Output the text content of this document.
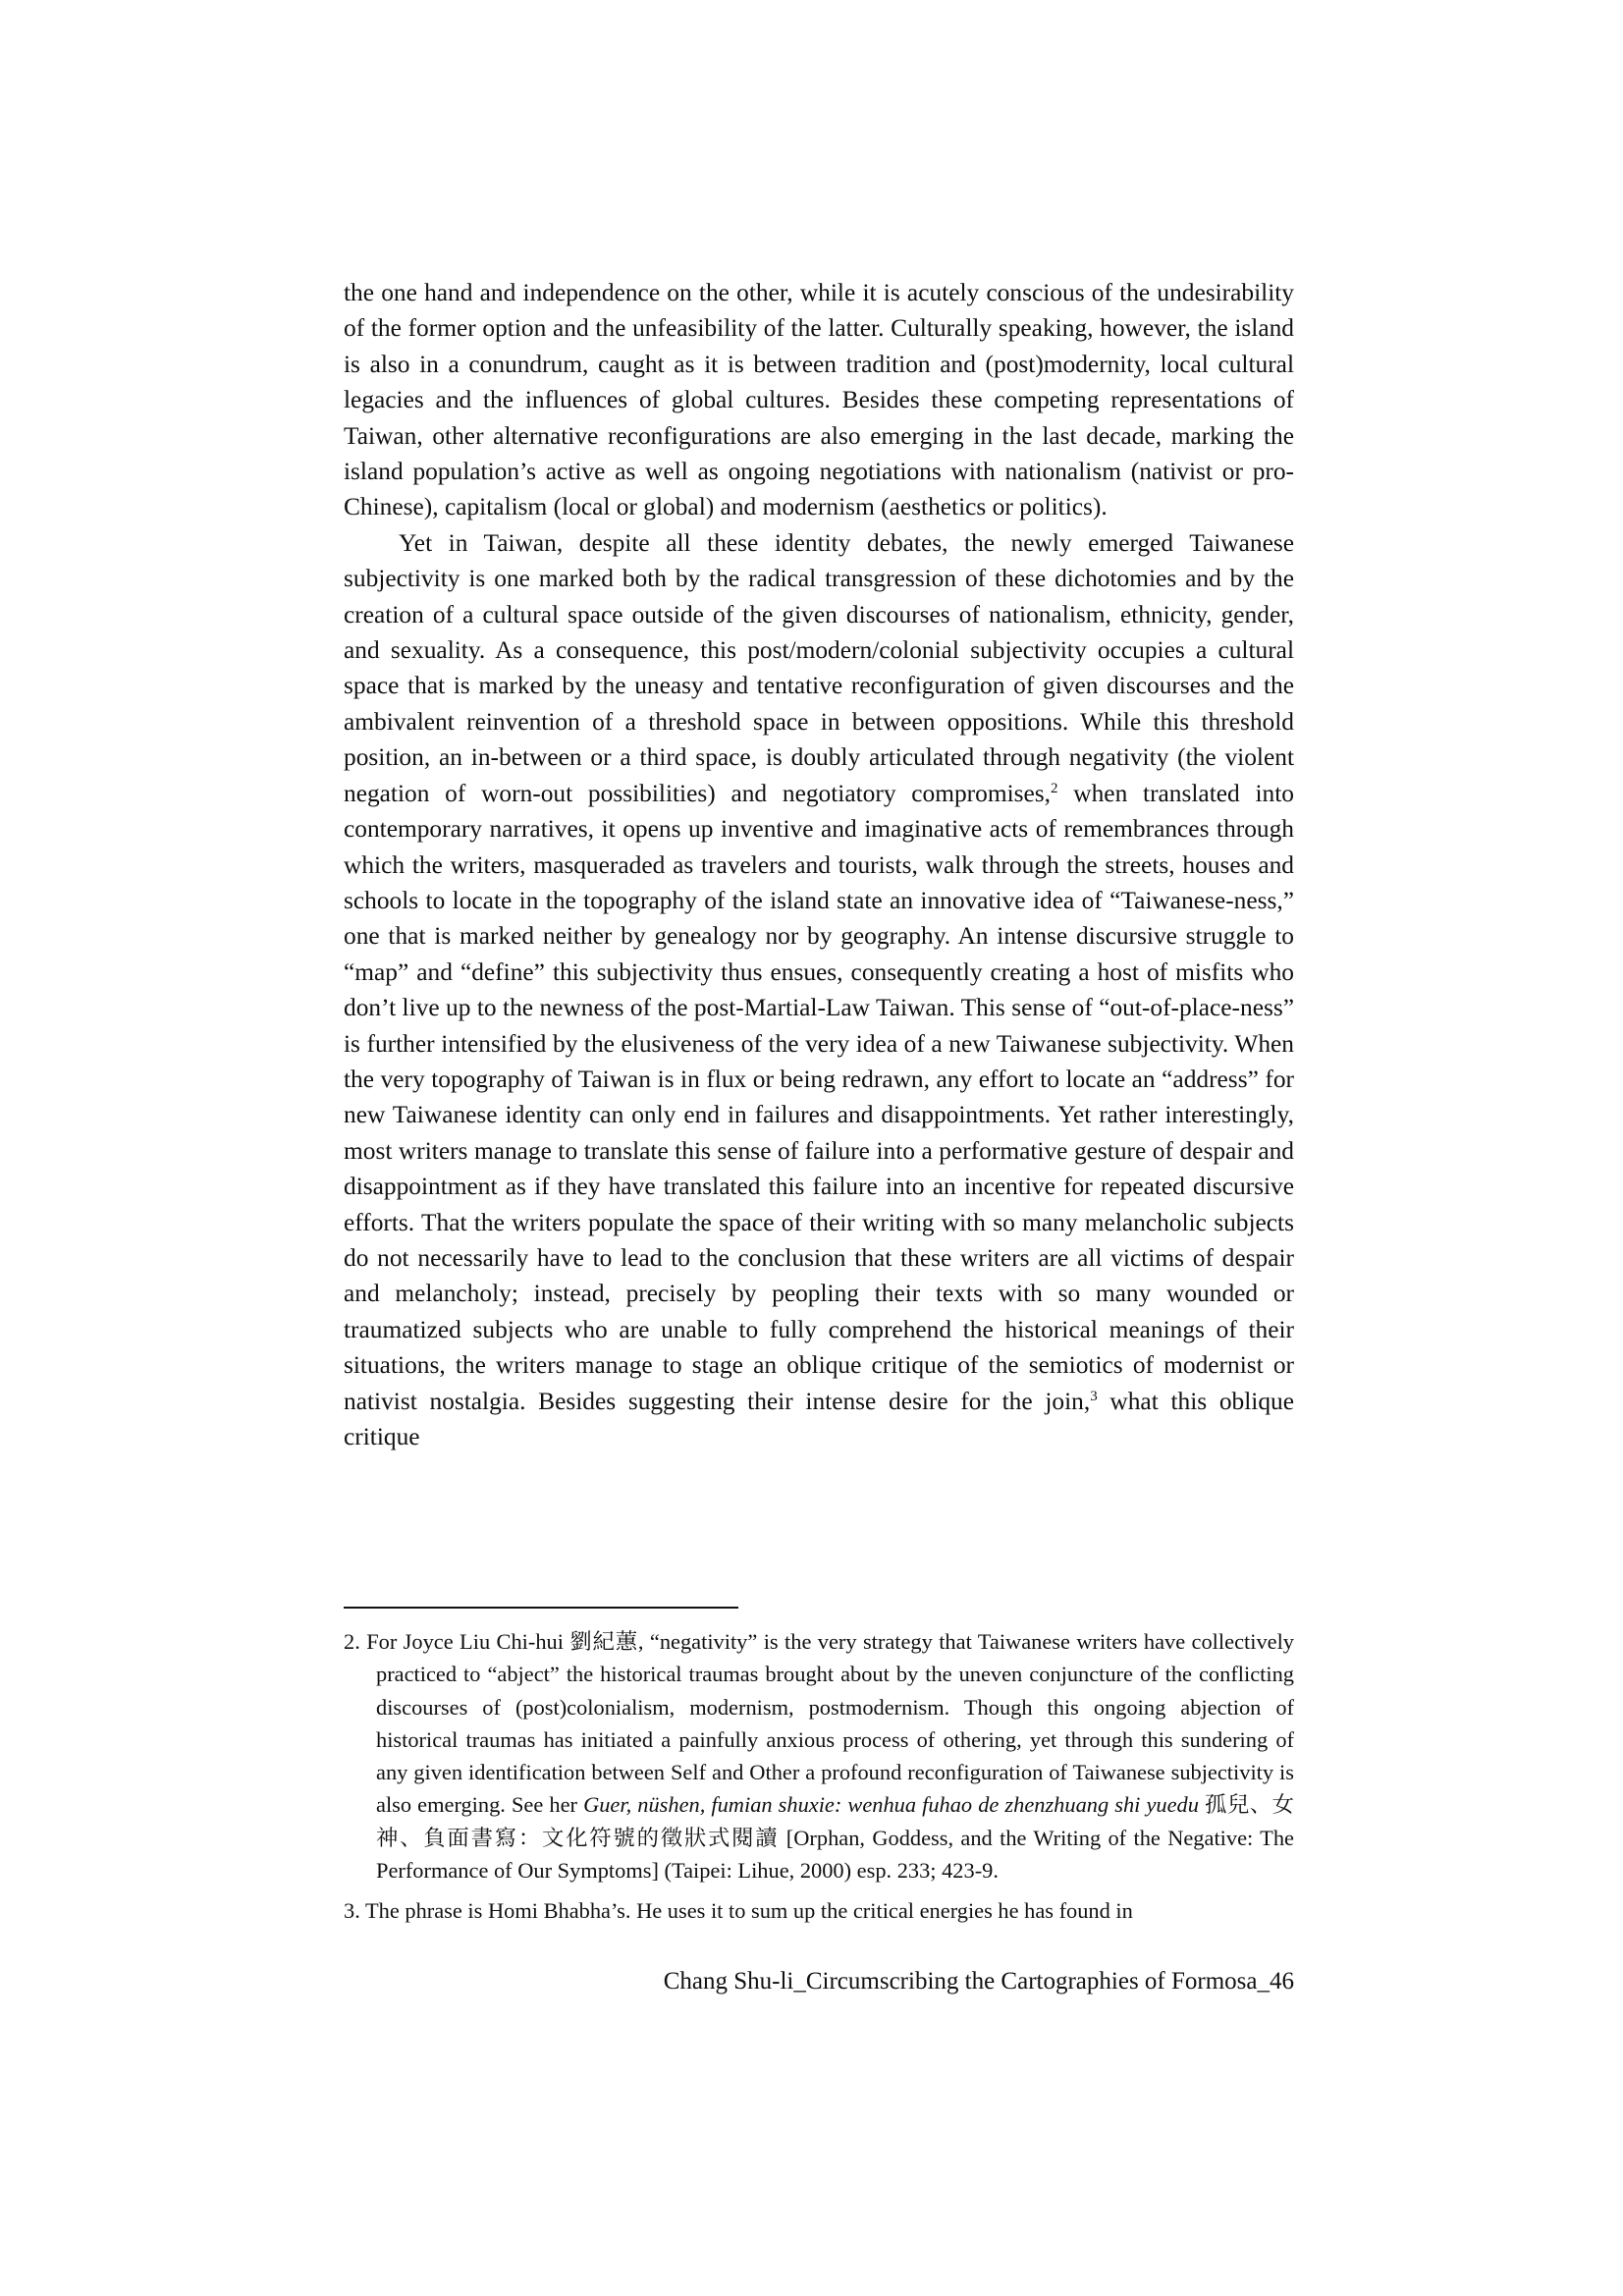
the one hand and independence on the other, while it is acutely conscious of the undesirability of the former option and the unfeasibility of the latter. Culturally speaking, however, the island is also in a conundrum, caught as it is between tradition and (post)modernity, local cultural legacies and the influences of global cultures. Besides these competing representations of Taiwan, other alternative reconfigurations are also emerging in the last decade, marking the island population’s active as well as ongoing negotiations with nationalism (nativist or pro-Chinese), capitalism (local or global) and modernism (aesthetics or politics).

Yet in Taiwan, despite all these identity debates, the newly emerged Taiwanese subjectivity is one marked both by the radical transgression of these dichotomies and by the creation of a cultural space outside of the given discourses of nationalism, ethnicity, gender, and sexuality. As a consequence, this post/modern/colonial subjectivity occupies a cultural space that is marked by the uneasy and tentative reconfiguration of given discourses and the ambivalent reinvention of a threshold space in between oppositions. While this threshold position, an in-between or a third space, is doubly articulated through negativity (the violent negation of worn-out possibilities) and negotiatory compromises,$^2$ when translated into contemporary narratives, it opens up inventive and imaginative acts of remembrances through which the writers, masqueraded as travelers and tourists, walk through the streets, houses and schools to locate in the topography of the island state an innovative idea of “Taiwanese-ness,” one that is marked neither by genealogy nor by geography. An intense discursive struggle to “map” and “define” this subjectivity thus ensues, consequently creating a host of misfits who don’t live up to the newness of the post-Martial-Law Taiwan. This sense of “out-of-place-ness” is further intensified by the elusiveness of the very idea of a new Taiwanese subjectivity. When the very topography of Taiwan is in flux or being redrawn, any effort to locate an “address” for new Taiwanese identity can only end in failures and disappointments. Yet rather interestingly, most writers manage to translate this sense of failure into a performative gesture of despair and disappointment as if they have translated this failure into an incentive for repeated discursive efforts. That the writers populate the space of their writing with so many melancholic subjects do not necessarily have to lead to the conclusion that these writers are all victims of despair and melancholy; instead, precisely by peopling their texts with so many wounded or traumatized subjects who are unable to fully comprehend the historical meanings of their situations, the writers manage to stage an oblique critique of the semiotics of modernist or nativist nostalgia. Besides suggesting their intense desire for the join,$^3$ what this oblique critique

2. For Joyce Liu Chi-hui 劉紀蕙, “negativity” is the very strategy that Taiwanese writers have collectively practiced to “abject” the historical traumas brought about by the uneven conjuncture of the conflicting discourses of (post)colonialism, modernism, postmodernism. Though this ongoing abjection of historical traumas has initiated a painfully anxious process of othering, yet through this sundering of any given identification between Self and Other a profound reconfiguration of Taiwanese subjectivity is also emerging. See her Guer, nüshen, fumian shuxie: wenhua fuhao de zhenzhuang shi yuedu 孤兒、女神、負面書寫：文化符號的徵狀式閱讀 [Orphan, Goddess, and the Writing of the Negative: The Performance of Our Symptoms] (Taipei: Lihue, 2000) esp. 233; 423-9.

3. The phrase is Homi Bhabha’s. He uses it to sum up the critical energies he has found in

Chang Shu-li_Circumscribing the Cartographies of Formosa_46
